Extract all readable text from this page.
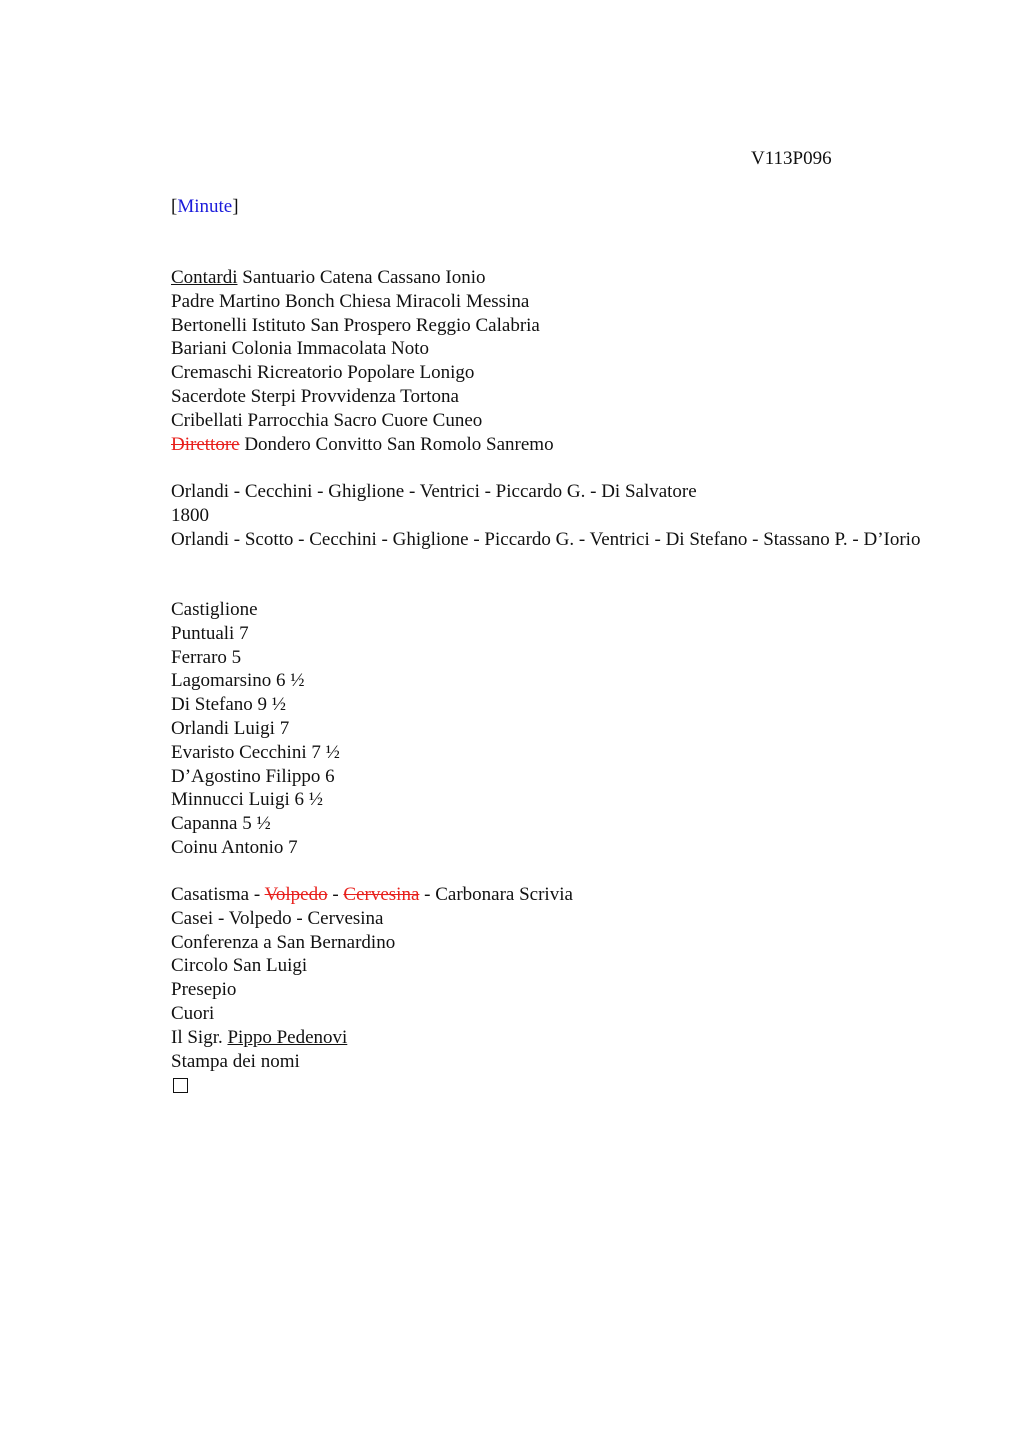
V113P096
[Minute]
Contardi Santuario Catena Cassano Ionio
Padre Martino Bonch Chiesa Miracoli Messina
Bertonelli Istituto San Prospero Reggio Calabria
Bariani Colonia Immacolata Noto
Cremaschi Ricreatorio Popolare Lonigo
Sacerdote Sterpi Provvidenza Tortona
Cribellati Parrocchia Sacro Cuore Cuneo
Direttore Dondero Convitto San Romolo Sanremo
Orlandi - Cecchini - Ghiglione - Ventrici - Piccardo G. - Di Salvatore
1800
Orlandi - Scotto - Cecchini - Ghiglione - Piccardo G. - Ventrici - Di Stefano - Stassano P. - D’Iorio
Castiglione
Puntuali 7
Ferraro 5
Lagomarsino 6 ½
Di Stefano 9 ½
Orlandi Luigi 7
Evaristo Cecchini 7 ½
D’Agostino Filippo 6
Minnucci Luigi 6 ½
Capanna 5 ½
Coinu Antonio 7
Casatisma - Volpedo - Cervesina - Carbonara Scrivia
Casei - Volpedo - Cervesina
Conferenza a San Bernardino
Circolo San Luigi
Presepio
Cuori
Il Sigr. Pippo Pedenovi
Stampa dei nomi
